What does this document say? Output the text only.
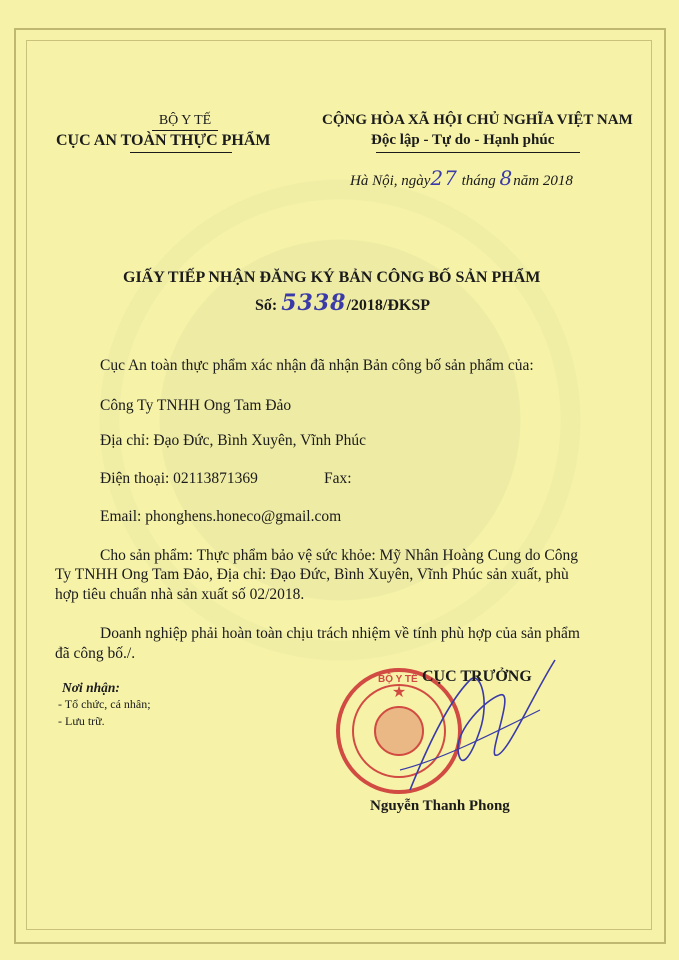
BỘ Y TẾ
CỤC AN TOÀN THỰC PHẨM
CỘNG HÒA XÃ HỘI CHỦ NGHĨA VIỆT NAM
Độc lập - Tự do - Hạnh phúc
Hà Nội, ngày27 tháng 8năm 2018
GIẤY TIẾP NHẬN ĐĂNG KÝ BẢN CÔNG BỐ SẢN PHẨM
Số: 5338/2018/ĐKSP
Cục An toàn thực phẩm xác nhận đã nhận Bản công bố sản phẩm của:
Công Ty TNHH Ong Tam Đảo
Địa chỉ: Đạo Đức, Bình Xuyên, Vĩnh Phúc
Điện thoại: 02113871369	Fax:
Email: phonghens.honeco@gmail.com
Cho sản phẩm: Thực phẩm bảo vệ sức khỏe: Mỹ Nhân Hoàng Cung do Công
Ty TNHH Ong Tam Đảo, Địa chỉ: Đạo Đức, Bình Xuyên, Vĩnh Phúc sản xuất, phù
hợp tiêu chuẩn nhà sản xuất số 02/2018.
Doanh nghiệp phải hoàn toàn chịu trách nhiệm về tính phù hợp của sản phẩm
đã công bố./.
Nơi nhận:
- Tổ chức, cá nhân;
- Lưu trữ.
★
BỘ Y TẾ CỤC TRƯỞNG
Nguyễn Thanh Phong
